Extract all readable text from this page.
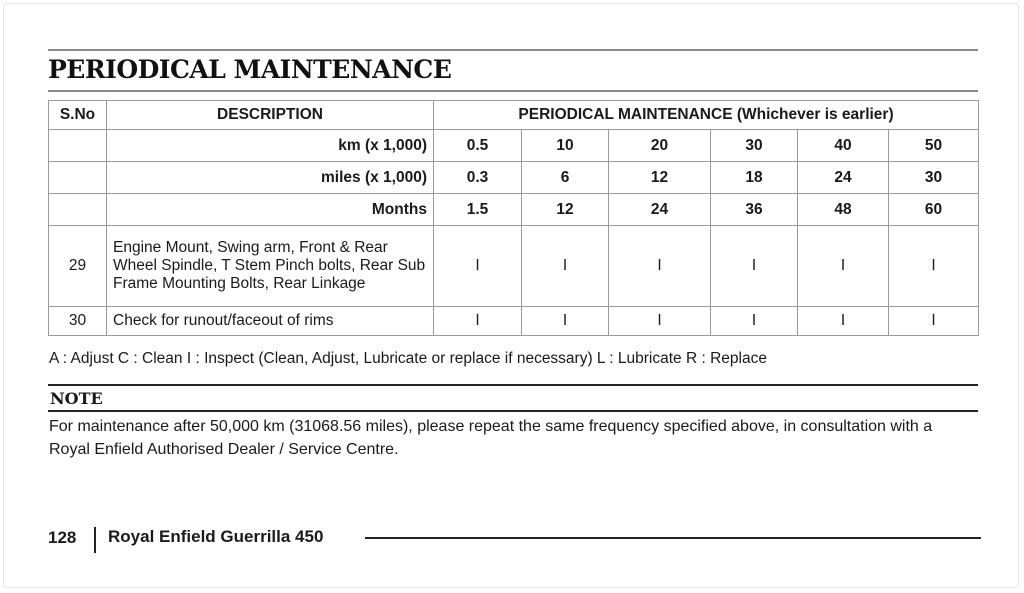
PERIODICAL MAINTENANCE
S.No	DESCRIPTION	PERIODICAL MAINTENANCE (Whichever is earlier)					
	km (x 1,000)	0.5	10	20	30	40	50
	miles (x 1,000)	0.3	6	12	18	24	30
	Months	1.5	12	24	36	48	60
29	Engine Mount, Swing arm, Front & Rear Wheel Spindle, T Stem Pinch bolts, Rear Sub Frame Mounting Bolts, Rear Linkage	I	I	I	I	I	I
30	Check for runout/faceout of rims	I	I	I	I	I	I

A : Adjust C : Clean I : Inspect (Clean, Adjust, Lubricate or replace if necessary) L : Lubricate R : Replace

NOTE

For maintenance after 50,000 km (31068.56 miles), please repeat the same frequency specified above, in consultation with a Royal Enfield Authorised Dealer / Service Centre.

128 Royal Enfield Guerrilla 450
